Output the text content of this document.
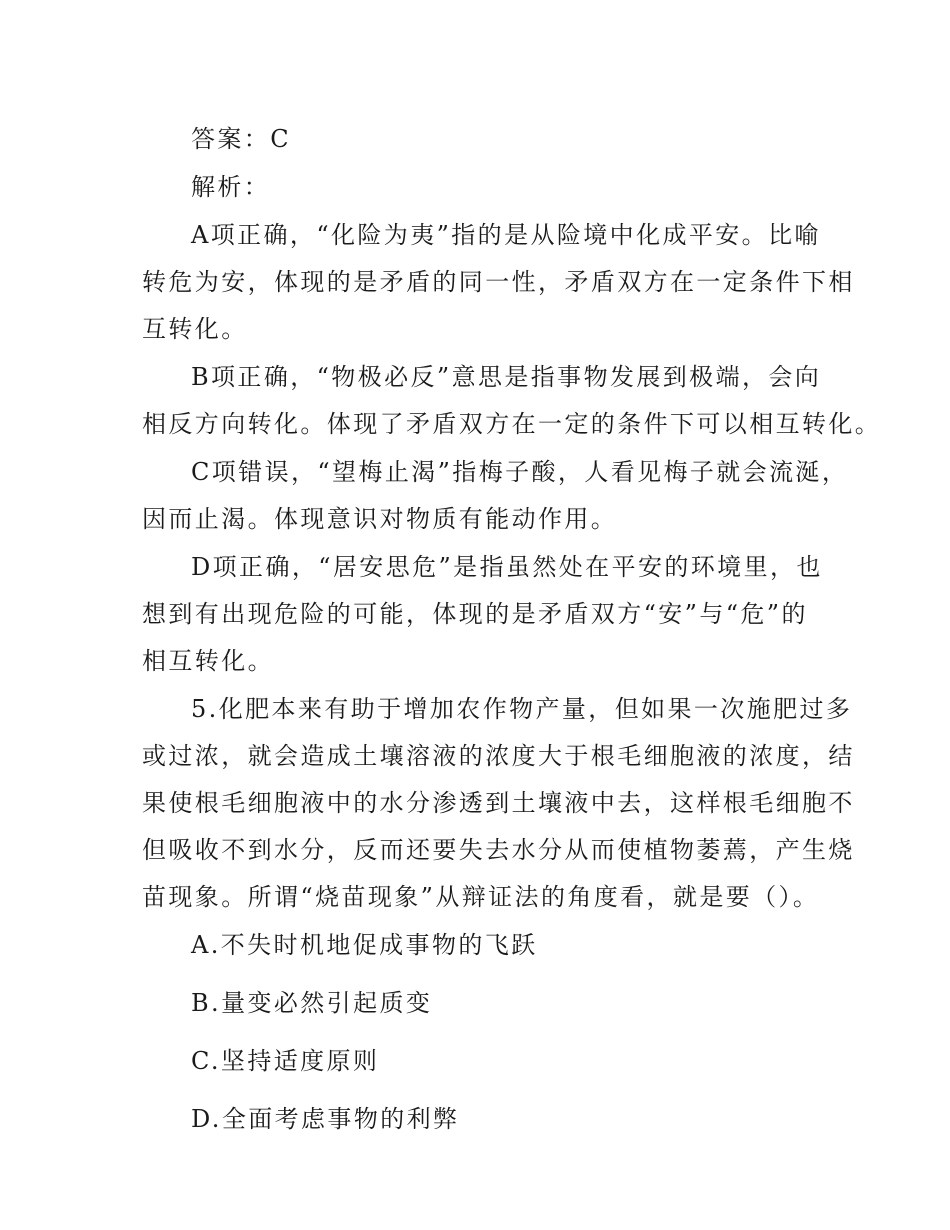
答案：C

解析：

A项正确，“化险为夷”指的是从险境中化成平安。比喻

转危为安，体现的是矛盾的同一性，矛盾双方在一定条件下相

互转化。

B项正确，“物极必反”意思是指事物发展到极端，会向

相反方向转化。体现了矛盾双方在一定的条件下可以相互转化。

C项错误，“望梅止渴”指梅子酸，人看见梅子就会流涎，

因而止渴。体现意识对物质有能动作用。

D项正确，“居安思危”是指虽然处在平安的环境里，也

想到有出现危险的可能，体现的是矛盾双方“安”与“危”的

相互转化。

5.化肥本来有助于增加农作物产量，但如果一次施肥过多

或过浓，就会造成土壤溶液的浓度大于根毛细胞液的浓度，结

果使根毛细胞液中的水分渗透到土壤液中去，这样根毛细胞不

但吸收不到水分，反而还要失去水分从而使植物萎蔫，产生烧

苗现象。所谓“烧苗现象”从辩证法的角度看，就是要（）。

A.不失时机地促成事物的飞跃

B.量变必然引起质变

C.坚持适度原则

D.全面考虑事物的利弊
